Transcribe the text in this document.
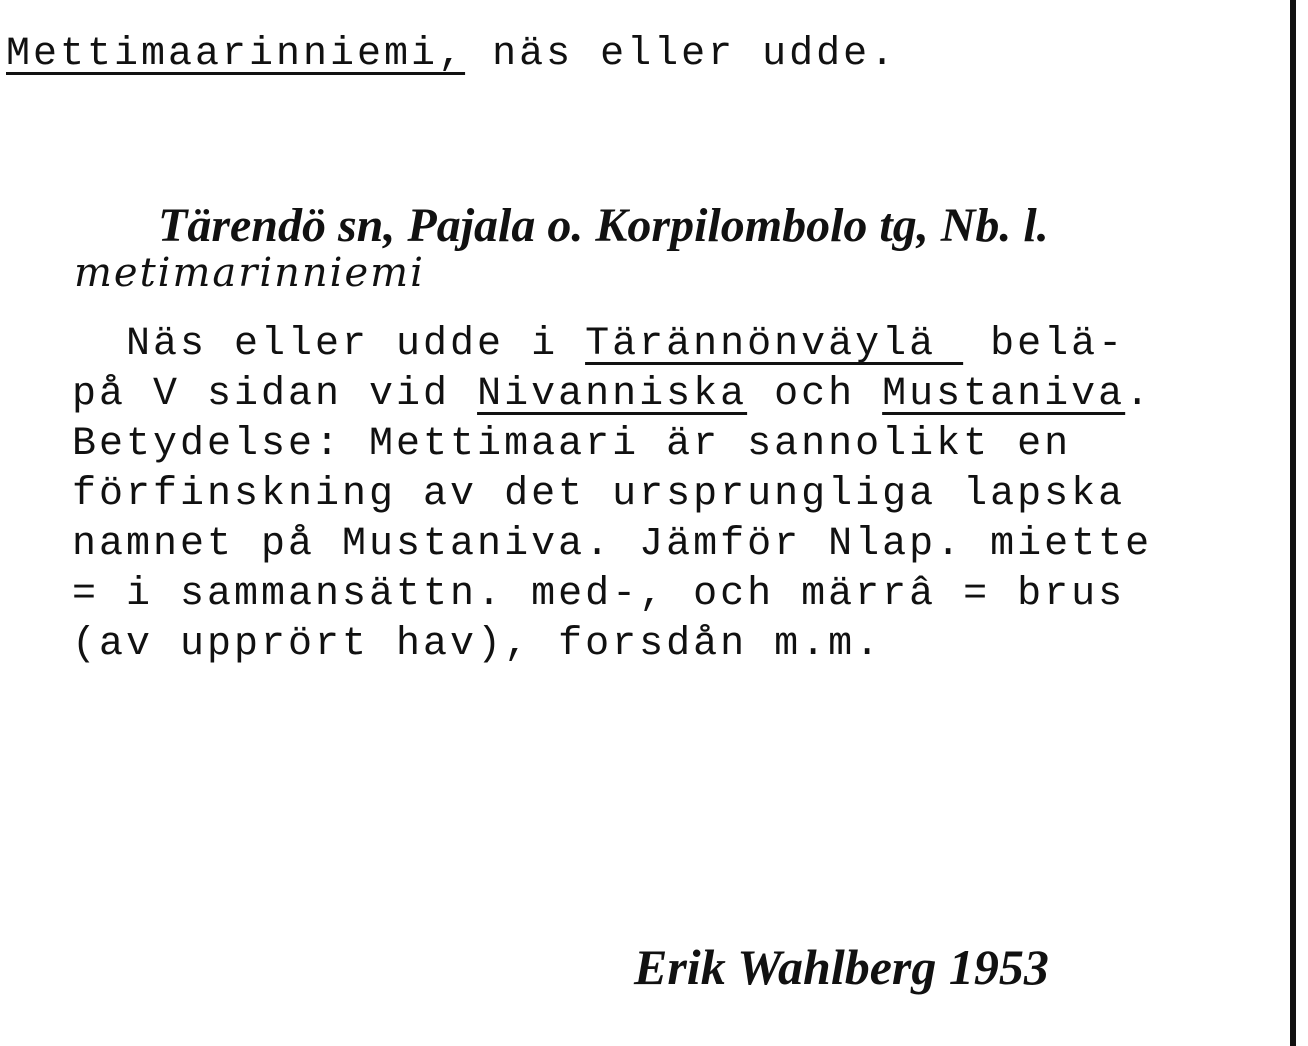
Mettimaarinniemi, näs eller udde.
Tärendö sn, Pajala o. Korpilombolo tg, Nb. l.
metimarinniemi
Näs eller udde i Tärännönväylä  belä-
på V sidan vid Nivanniska och Mustaniva.
Betydelse: Mettimaari är sannolikt en
förfinskning av det ursprungliga lapska
namnet på Mustaniva. Jämför Nlap. miette
= i sammansättn. med-, och märrâ = brus
(av upprört hav), forsdån m.m.
Erik Wahlberg 1953
